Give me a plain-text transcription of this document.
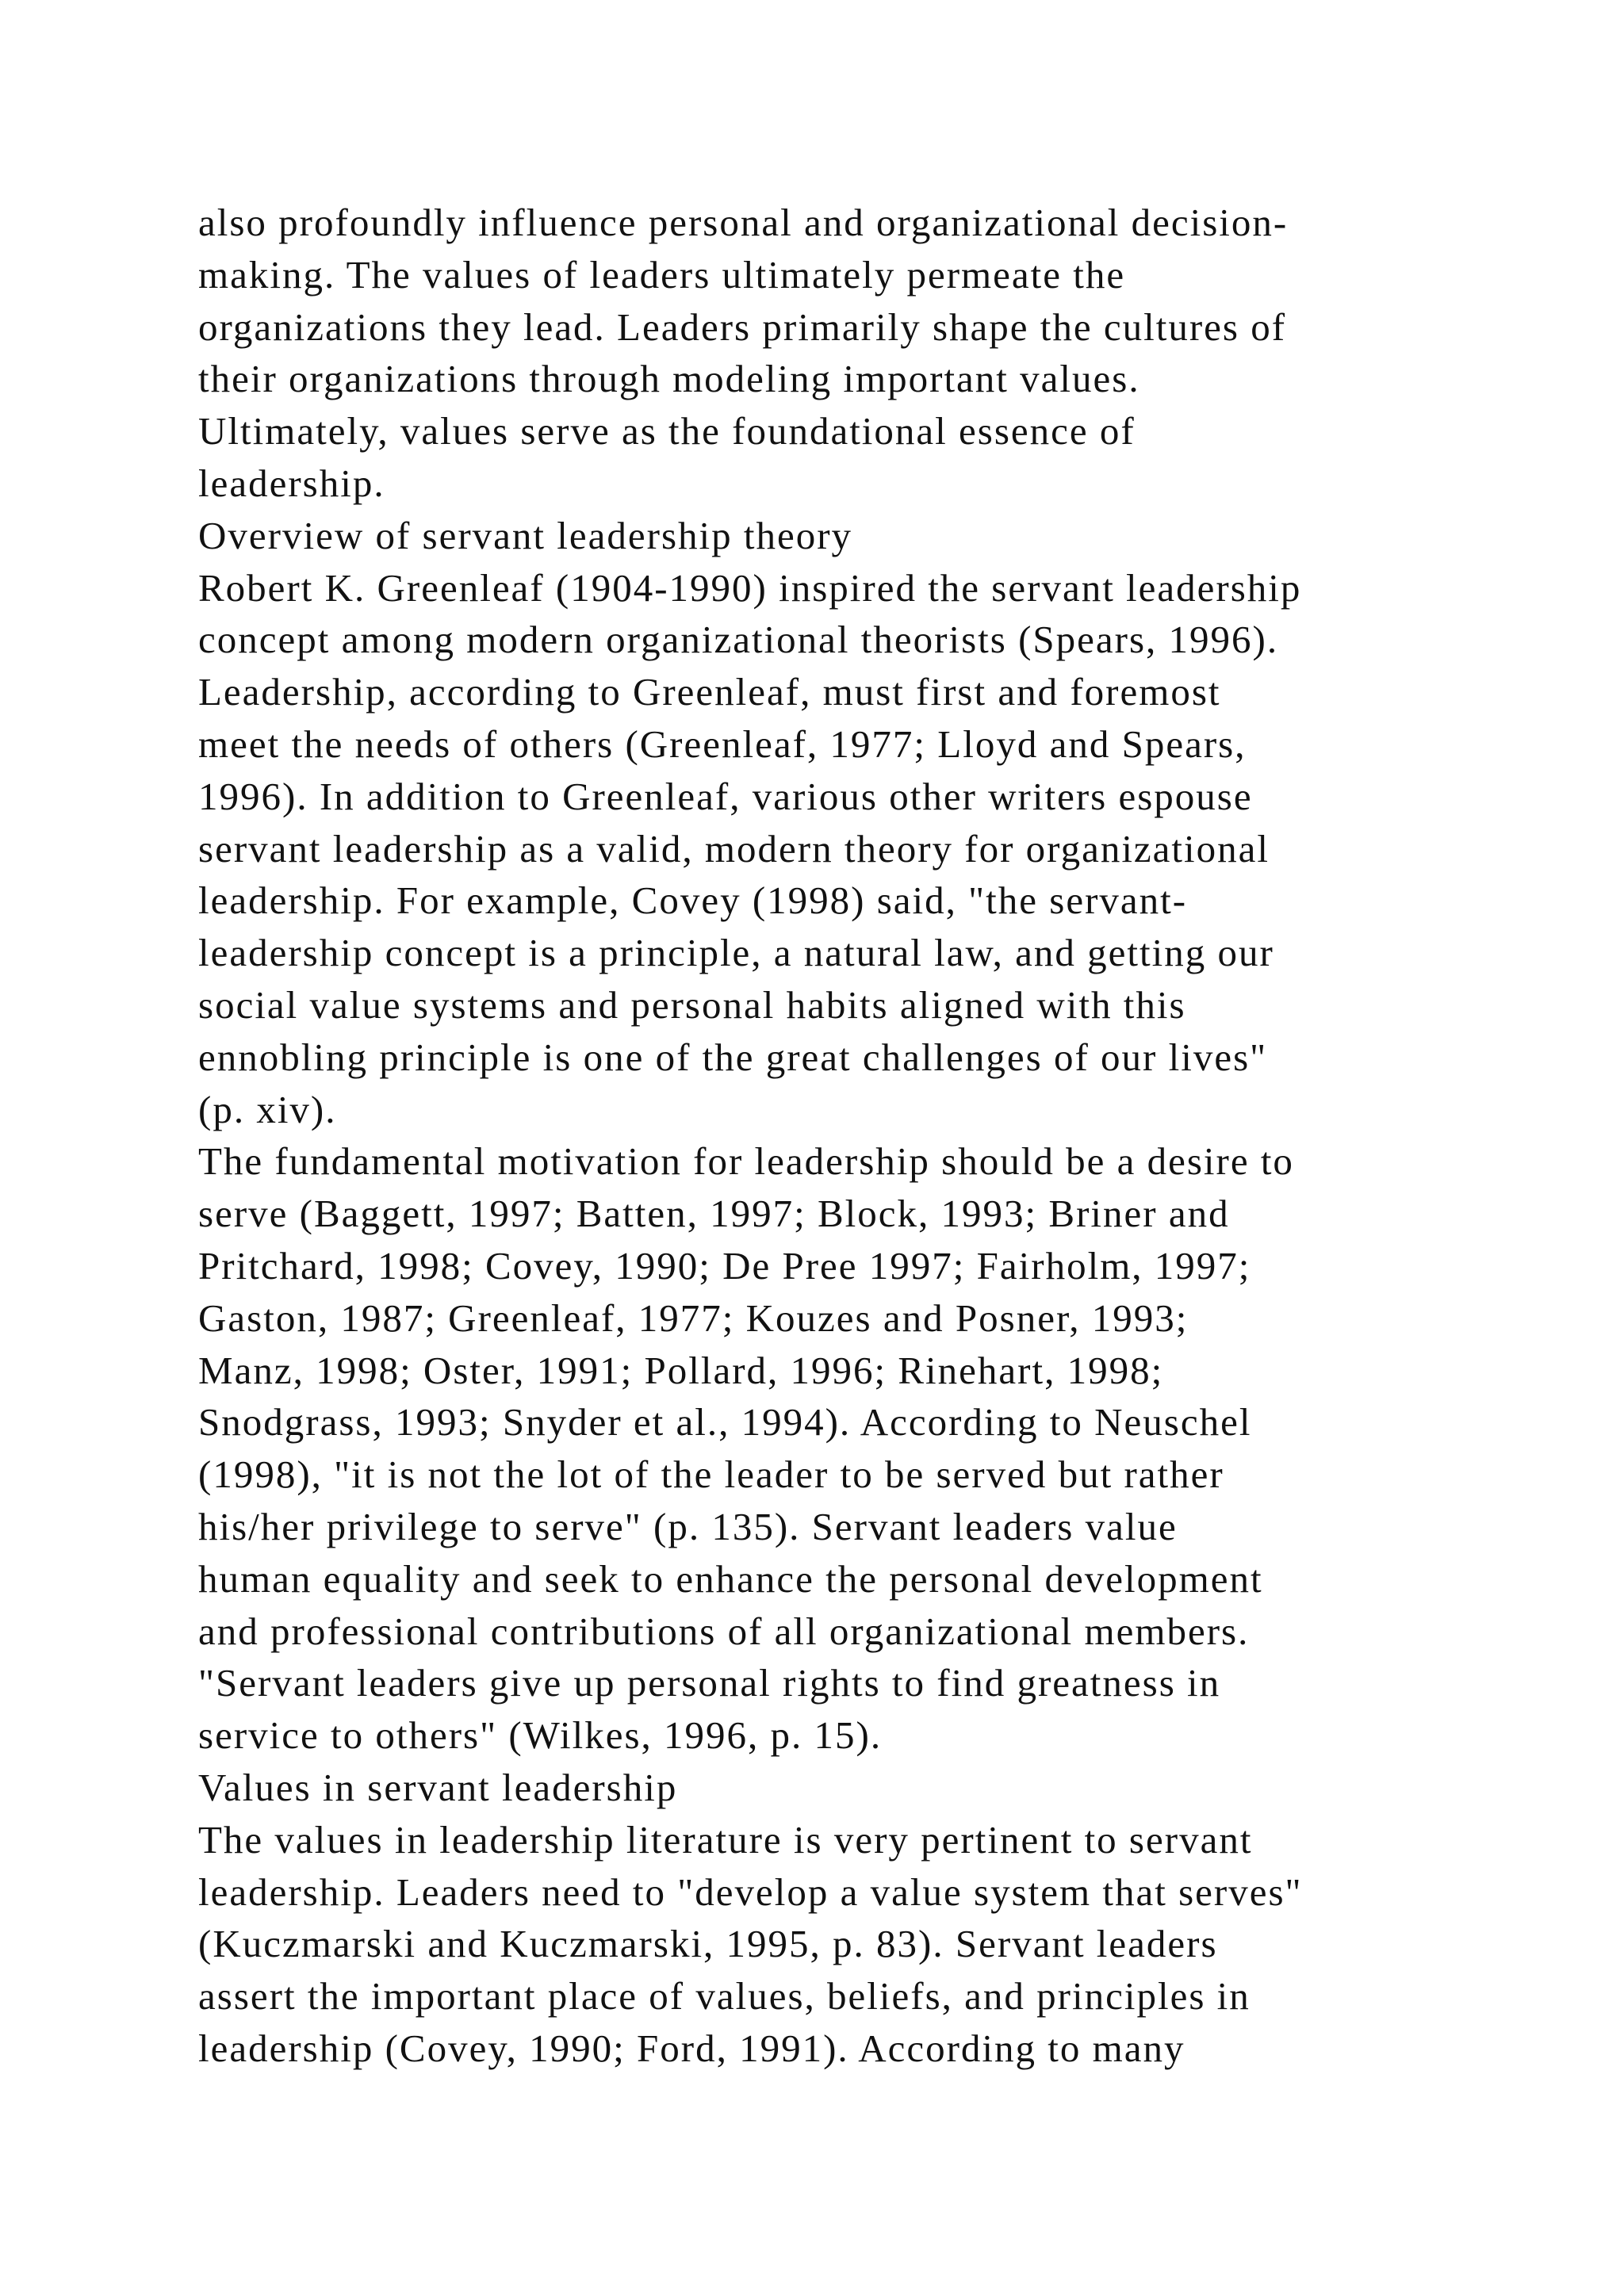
also profoundly influence personal and organizational decision-
making. The values of leaders ultimately permeate the
organizations they lead. Leaders primarily shape the cultures of
their organizations through modeling important values.
Ultimately, values serve as the foundational essence of
leadership.
Overview of servant leadership theory
Robert K. Greenleaf (1904-1990) inspired the servant leadership
concept among modern organizational theorists (Spears, 1996).
Leadership, according to Greenleaf, must first and foremost
meet the needs of others (Greenleaf, 1977; Lloyd and Spears,
1996). In addition to Greenleaf, various other writers espouse
servant leadership as a valid, modern theory for organizational
leadership. For example, Covey (1998) said, "the servant-
leadership concept is a principle, a natural law, and getting our
social value systems and personal habits aligned with this
ennobling principle is one of the great challenges of our lives"
(p. xiv).
The fundamental motivation for leadership should be a desire to
serve (Baggett, 1997; Batten, 1997; Block, 1993; Briner and
Pritchard, 1998; Covey, 1990; De Pree 1997; Fairholm, 1997;
Gaston, 1987; Greenleaf, 1977; Kouzes and Posner, 1993;
Manz, 1998; Oster, 1991; Pollard, 1996; Rinehart, 1998;
Snodgrass, 1993; Snyder et al., 1994). According to Neuschel
(1998), "it is not the lot of the leader to be served but rather
his/her privilege to serve" (p. 135). Servant leaders value
human equality and seek to enhance the personal development
and professional contributions of all organizational members.
"Servant leaders give up personal rights to find greatness in
service to others" (Wilkes, 1996, p. 15).
Values in servant leadership
The values in leadership literature is very pertinent to servant
leadership. Leaders need to "develop a value system that serves"
(Kuczmarski and Kuczmarski, 1995, p. 83). Servant leaders
assert the important place of values, beliefs, and principles in
leadership (Covey, 1990; Ford, 1991). According to many
